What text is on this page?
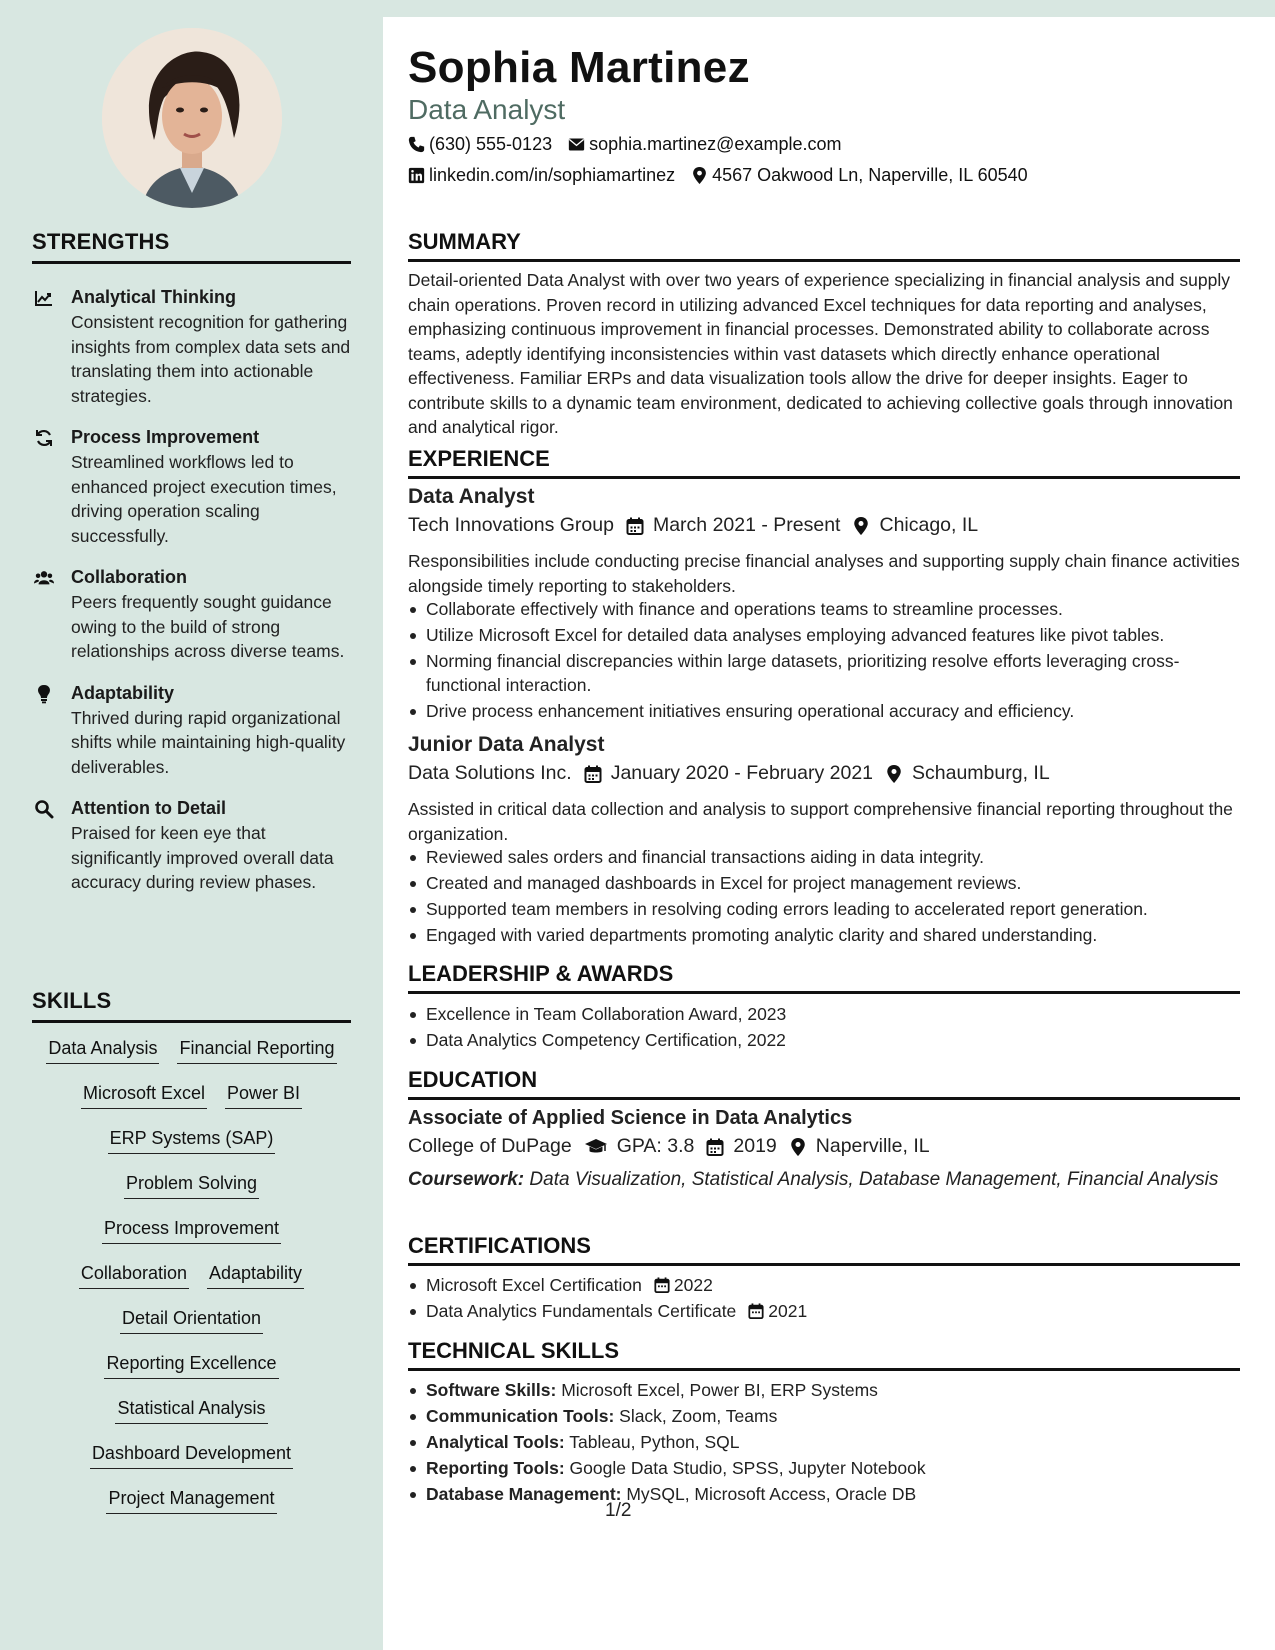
STRENGTHS
Analytical Thinking
Consistent recognition for gathering insights from complex data sets and translating them into actionable strategies.
Process Improvement
Streamlined workflows led to enhanced project execution times, driving operation scaling successfully.
Collaboration
Peers frequently sought guidance owing to the build of strong relationships across diverse teams.
Adaptability
Thrived during rapid organizational shifts while maintaining high-quality deliverables.
Attention to Detail
Praised for keen eye that significantly improved overall data accuracy during review phases.
SKILLS
Data Analysis Financial Reporting
Microsoft Excel Power BI
ERP Systems (SAP)
Problem Solving
Process Improvement
Collaboration Adaptability
Detail Orientation
Reporting Excellence
Statistical Analysis
Dashboard Development
Project Management
Sophia Martinez
Data Analyst
(630) 555-0123 sophia.martinez@example.com
linkedin.com/in/sophiamartinez 4567 Oakwood Ln, Naperville, IL 60540
SUMMARY
Detail-oriented Data Analyst with over two years of experience specializing in financial analysis and supply chain operations. Proven record in utilizing advanced Excel techniques for data reporting and analyses, emphasizing continuous improvement in financial processes. Demonstrated ability to collaborate across teams, adeptly identifying inconsistencies within vast datasets which directly enhance operational effectiveness. Familiar ERPs and data visualization tools allow the drive for deeper insights. Eager to contribute skills to a dynamic team environment, dedicated to achieving collective goals through innovation and analytical rigor.
EXPERIENCE
Data Analyst
Tech Innovations Group March 2021 - Present Chicago, IL
Responsibilities include conducting precise financial analyses and supporting supply chain finance activities alongside timely reporting to stakeholders.
Collaborate effectively with finance and operations teams to streamline processes.
Utilize Microsoft Excel for detailed data analyses employing advanced features like pivot tables.
Norming financial discrepancies within large datasets, prioritizing resolve efforts leveraging cross-functional interaction.
Drive process enhancement initiatives ensuring operational accuracy and efficiency.
Junior Data Analyst
Data Solutions Inc. January 2020 - February 2021 Schaumburg, IL
Assisted in critical data collection and analysis to support comprehensive financial reporting throughout the organization.
Reviewed sales orders and financial transactions aiding in data integrity.
Created and managed dashboards in Excel for project management reviews.
Supported team members in resolving coding errors leading to accelerated report generation.
Engaged with varied departments promoting analytic clarity and shared understanding.
LEADERSHIP & AWARDS
Excellence in Team Collaboration Award, 2023
Data Analytics Competency Certification, 2022
EDUCATION
Associate of Applied Science in Data Analytics
College of DuPage GPA: 3.8 2019 Naperville, IL
Coursework: Data Visualization, Statistical Analysis, Database Management, Financial Analysis
CERTIFICATIONS
Microsoft Excel Certification 2022
Data Analytics Fundamentals Certificate 2021
TECHNICAL SKILLS
Software Skills: Microsoft Excel, Power BI, ERP Systems
Communication Tools: Slack, Zoom, Teams
Analytical Tools: Tableau, Python, SQL
Reporting Tools: Google Data Studio, SPSS, Jupyter Notebook
Database Management: MySQL, Microsoft Access, Oracle DB
1/2
